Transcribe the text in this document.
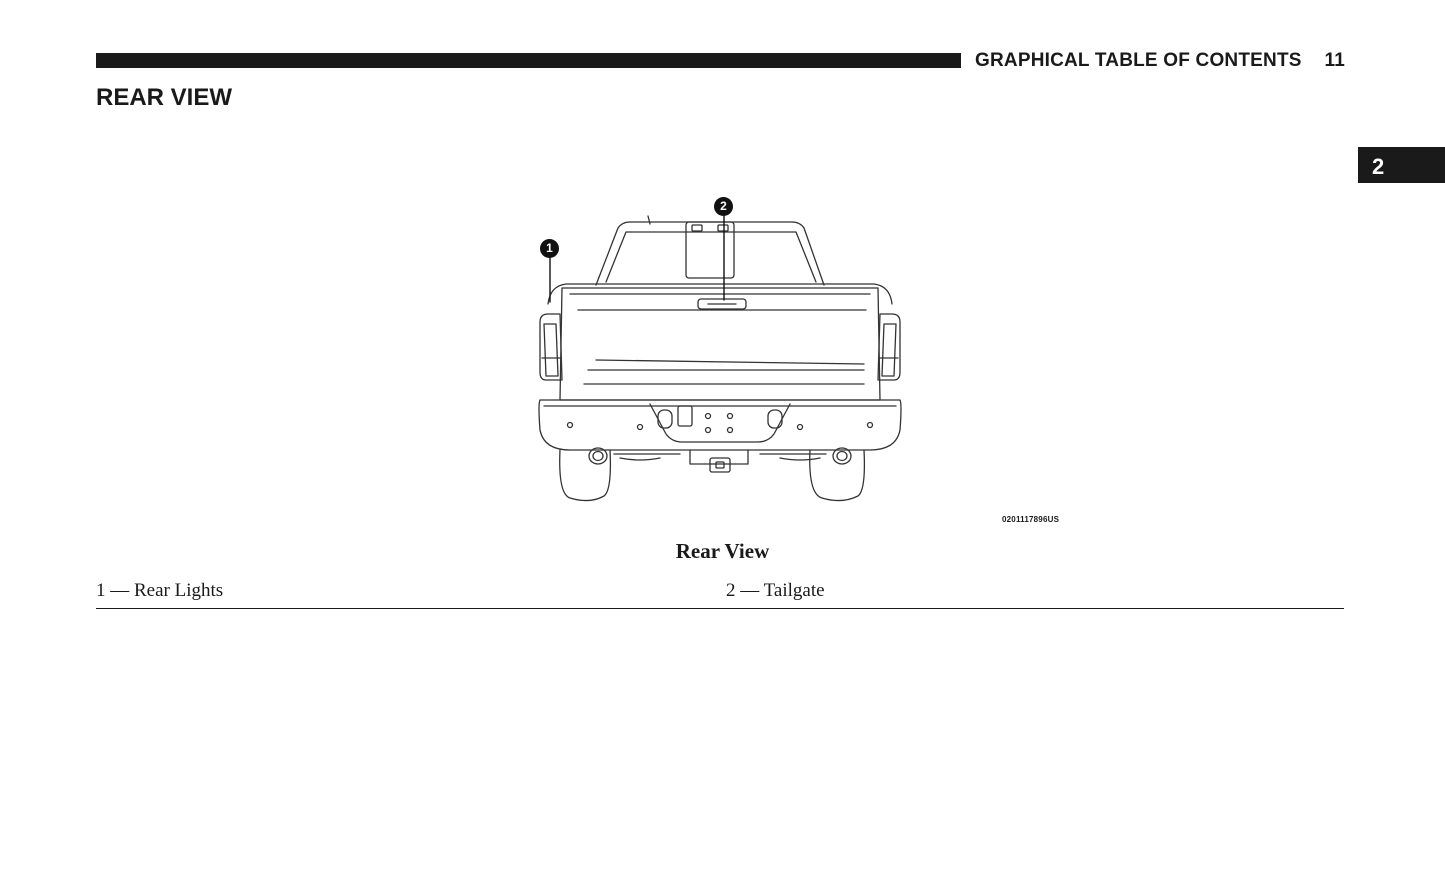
GRAPHICAL TABLE OF CONTENTS 11
REAR VIEW
2
1
2
0201117896US
Rear View
1 — Rear Lights	2 — Tailgate
